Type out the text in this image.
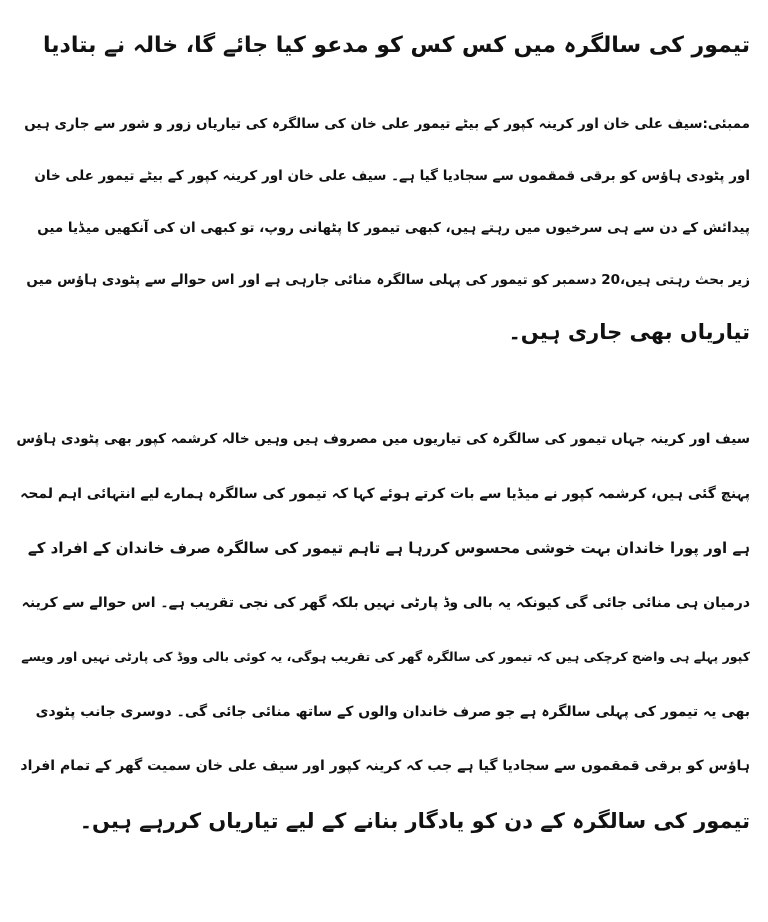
تیمور کی سالگرہ میں کس کس کو مدعو کیا جائے گا، خالہ نے بتادیا

ممبئی:سیف علی خان اور کرینہ کپور کے بیٹے تیمور علی خان کی سالگرہ کی تیاریاں زور و شور سے جاری ہیں
اور پٹودی ہاؤس کو برقی قمقموں سے سجادیا گیا ہے۔ سیف علی خان اور کرینہ کپور کے بیٹے تیمور علی خان
پیدائش کے دن سے ہی سرخیوں میں رہتے ہیں، کبھی تیمور کا پٹھانی روپ، تو کبھی ان کی آنکھیں میڈیا میں
زیر بحث رہتی ہیں،20 دسمبر کو تیمور کی پہلی سالگرہ منائی جارہی ہے اور اس حوالے سے پٹودی ہاؤس میں
تیاریاں بھی جاری ہیں۔

سیف اور کرینہ جہاں تیمور کی سالگرہ کی تیاریوں میں مصروف ہیں وہیں خالہ کرشمہ کپور بھی پٹودی ہاؤس
پہنچ گئی ہیں، کرشمہ کپور نے میڈیا سے بات کرتے ہوئے کہا کہ تیمور کی سالگرہ ہمارے لیے انتہائی اہم لمحہ
ہے اور پورا خاندان بہت خوشی محسوس کررہا ہے تاہم تیمور کی سالگرہ صرف خاندان کے افراد کے
درمیان ہی منائی جائی گی کیونکہ یہ بالی وڈ پارٹی نہیں بلکہ گھر کی نجی تقریب ہے۔ اس حوالے سے کرینہ
کپور پہلے ہی واضح کرچکی ہیں کہ تیمور کی سالگرہ گھر کی تقریب ہوگی، یہ کوئی بالی ووڈ کی پارٹی نہیں اور ویسے
بھی یہ تیمور کی پہلی سالگرہ ہے جو صرف خاندان والوں کے ساتھ منائی جائی گی۔ دوسری جانب پٹودی
ہاؤس کو برقی قمقموں سے سجادیا گیا ہے جب کہ کرینہ کپور اور سیف علی خان سمیت گھر کے تمام افراد
تیمور کی سالگرہ کے دن کو یادگار بنانے کے لیے تیاریاں کررہے ہیں۔
